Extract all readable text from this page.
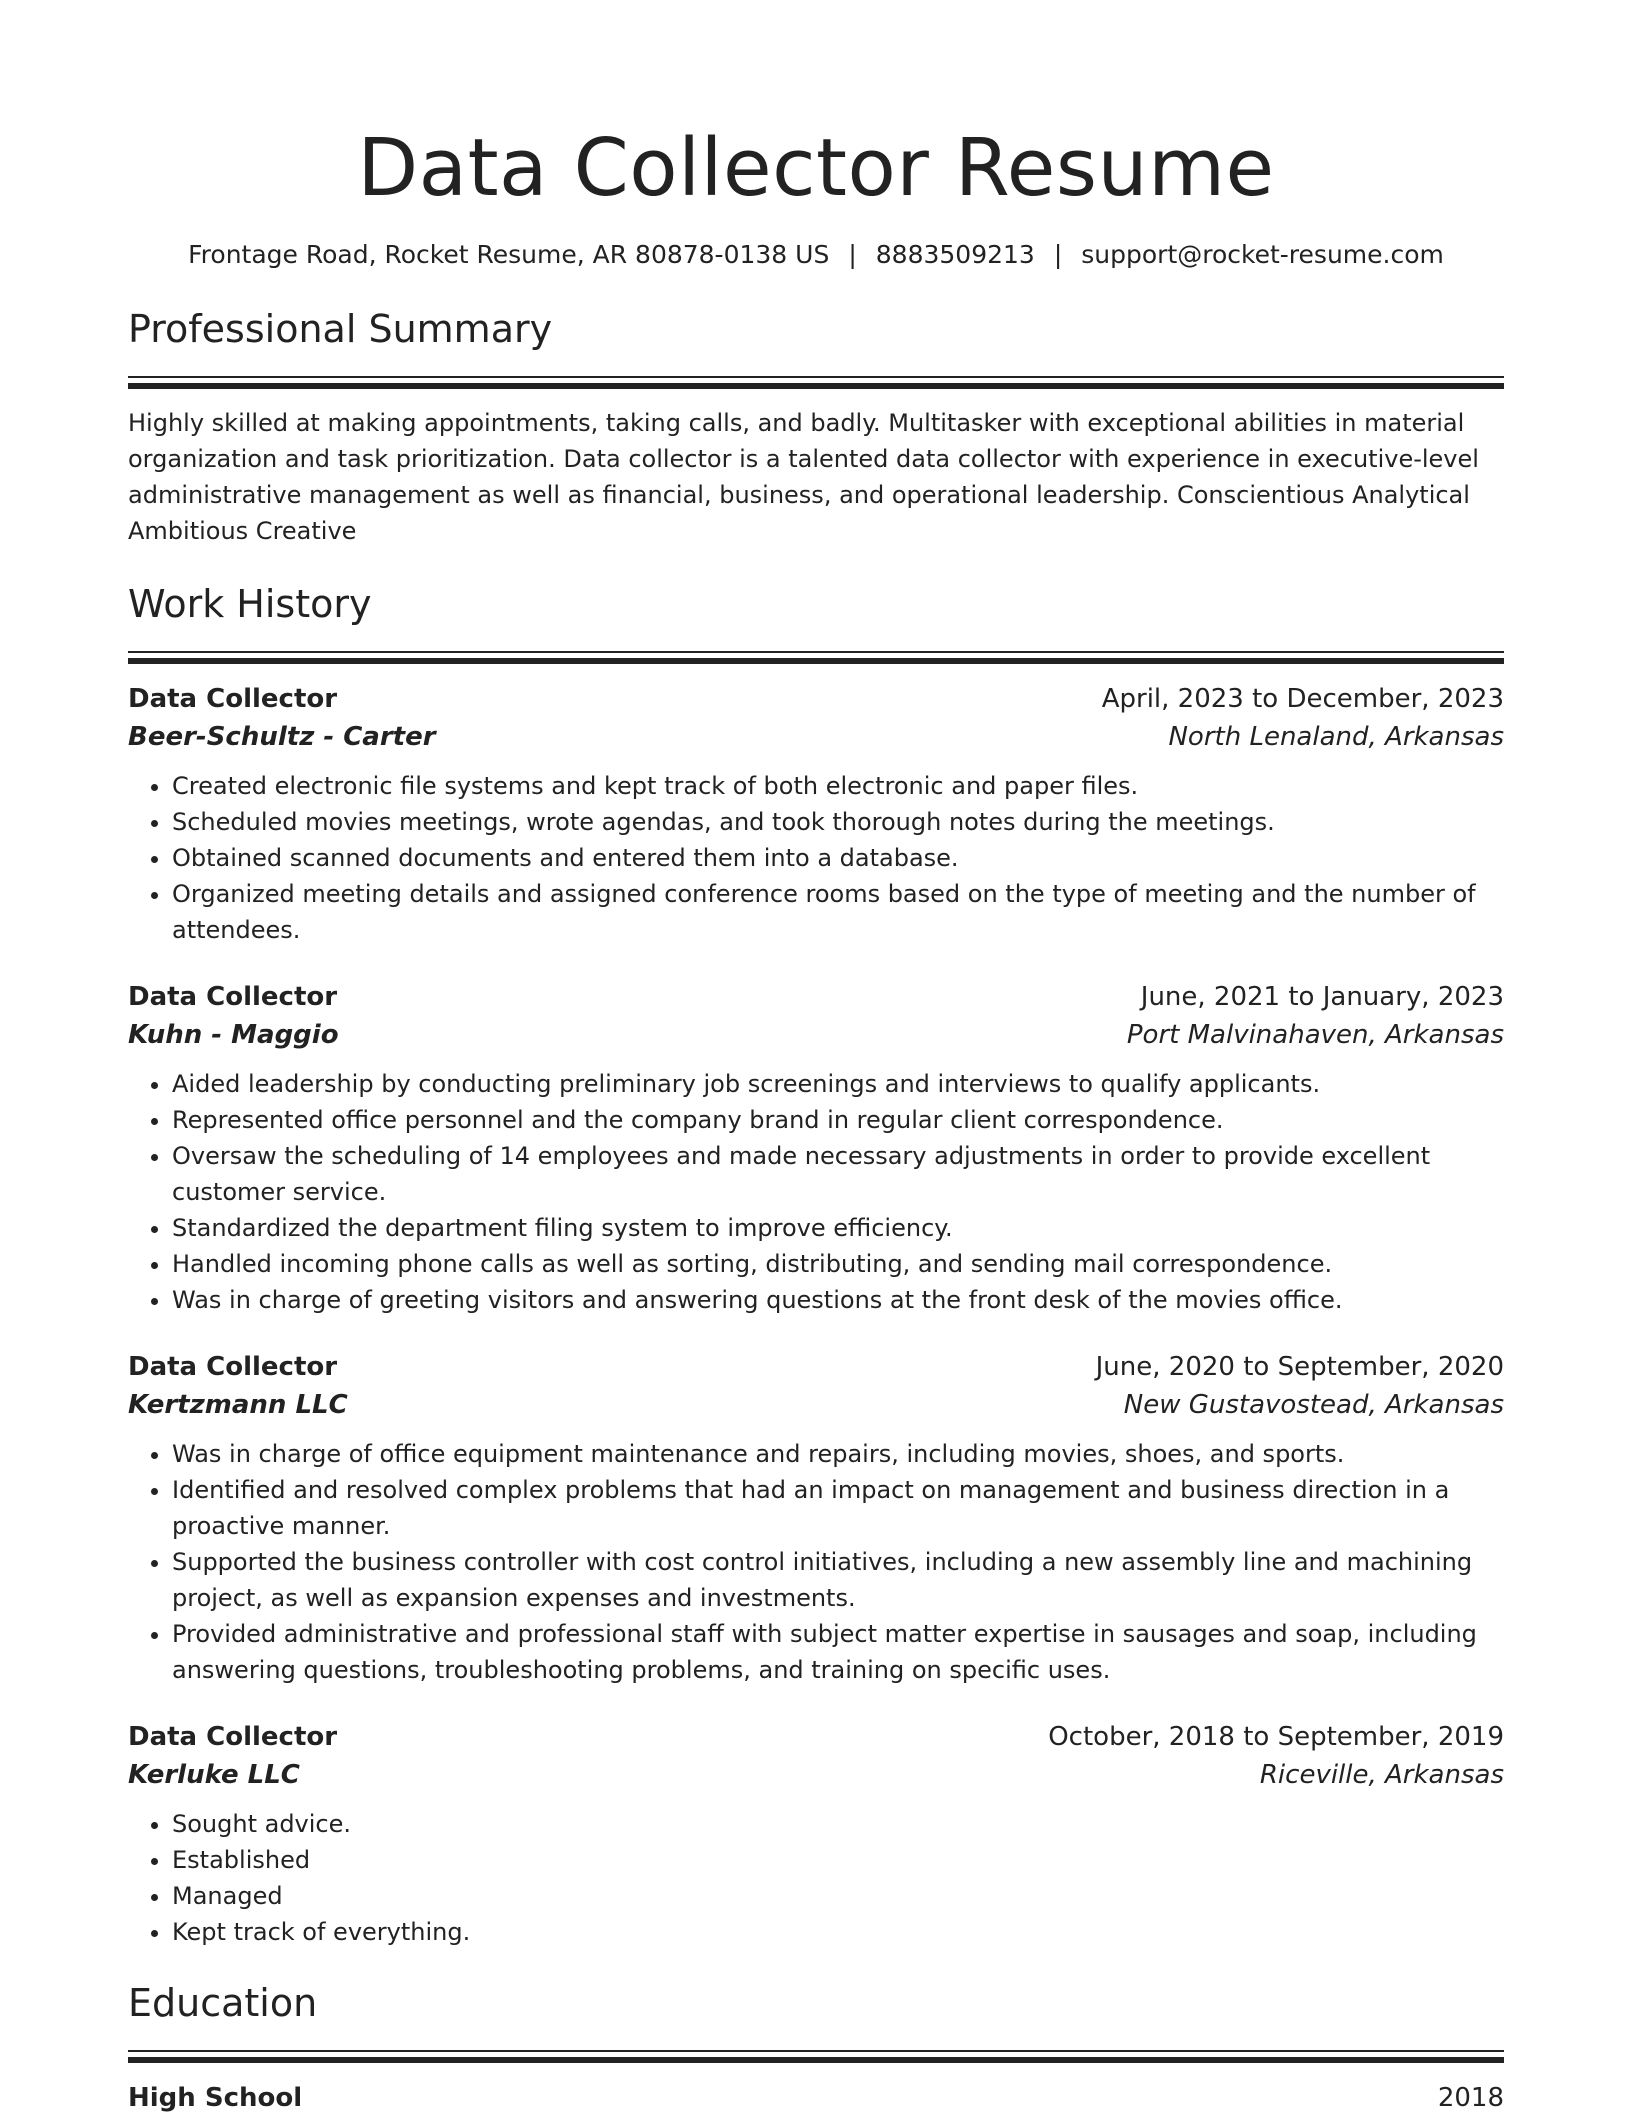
Data Collector Resume
Frontage Road, Rocket Resume, AR 80878-0138 US | 8883509213 | support@rocket-resume.com
Professional Summary

Highly skilled at making appointments, taking calls, and badly. Multitasker with exceptional abilities in material organization and task prioritization. Data collector is a talented data collector with experience in executive-level administrative management as well as financial, business, and operational leadership. Conscientious Analytical Ambitious Creative

Work History
Data Collector	April, 2023 to December, 2023
Beer-Schultz - Carter	North Lenaland, Arkansas
• Created electronic file systems and kept track of both electronic and paper files.
• Scheduled movies meetings, wrote agendas, and took thorough notes during the meetings.
• Obtained scanned documents and entered them into a database.
• Organized meeting details and assigned conference rooms based on the type of meeting and the number of attendees.
Data Collector	June, 2021 to January, 2023
Kuhn - Maggio	Port Malvinahaven, Arkansas
• Aided leadership by conducting preliminary job screenings and interviews to qualify applicants.
• Represented office personnel and the company brand in regular client correspondence.
• Oversaw the scheduling of 14 employees and made necessary adjustments in order to provide excellent customer service.
• Standardized the department filing system to improve efficiency.
• Handled incoming phone calls as well as sorting, distributing, and sending mail correspondence.
• Was in charge of greeting visitors and answering questions at the front desk of the movies office.
Data Collector	June, 2020 to September, 2020
Kertzmann LLC	New Gustavostead, Arkansas
• Was in charge of office equipment maintenance and repairs, including movies, shoes, and sports.
• Identified and resolved complex problems that had an impact on management and business direction in a proactive manner.
• Supported the business controller with cost control initiatives, including a new assembly line and machining project, as well as expansion expenses and investments.
• Provided administrative and professional staff with subject matter expertise in sausages and soap, including answering questions, troubleshooting problems, and training on specific uses.
Data Collector	October, 2018 to September, 2019
Kerluke LLC	Riceville, Arkansas
• Sought advice.
• Established
• Managed
• Kept track of everything.
Education
High School	2018
